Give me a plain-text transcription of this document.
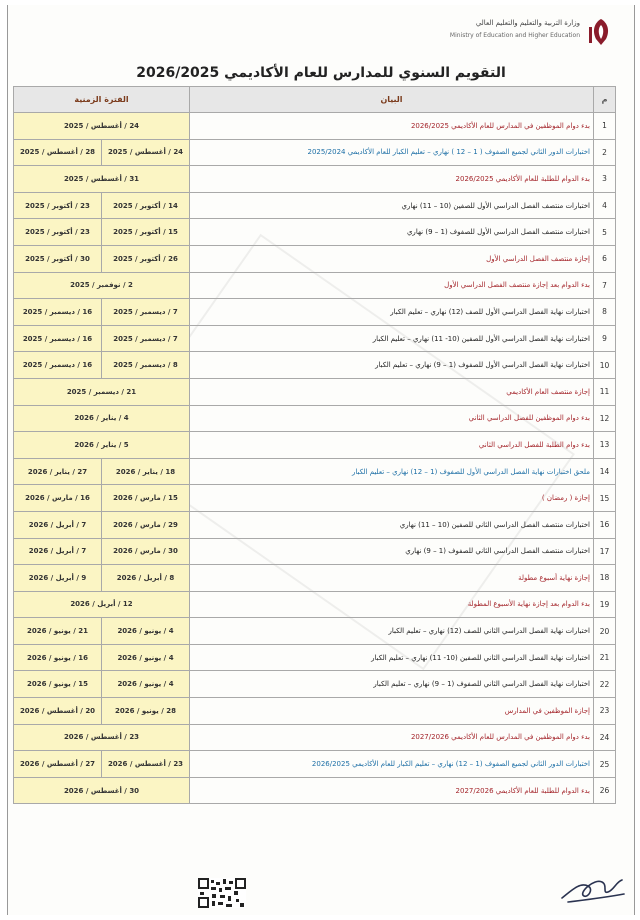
وزارة التربية والتعليم والتعليم العالي
Ministry of Education and Higher Education
التقويم السنوي للمدارس للعام الأكاديمي 2026/2025
م	البيان	الفترة الزمنية	
1	بدء دوام الموظفين في المدارس للعام الأكاديمي 2026/2025	24 / أغسطس / 2025	
2	اختبارات الدور الثاني لجميع الصفوف ( 1 – 12 ) نهاري – تعليم الكبار للعام الأكاديمي 2025/2024	24 / أغسطس / 2025	28 / أغسطس / 2025
3	بدء الدوام للطلبة للعام الأكاديمي 2026/2025	31 / أغسطس / 2025	
4	اختبارات منتصف الفصل الدراسي الأول للصفين (10 – 11) نهاري	14 / أكتوبر / 2025	23 / أكتوبر / 2025
5	اختبارات منتصف الفصل الدراسي الأول للصفوف (1 – 9) نهاري	15 / أكتوبر / 2025	23 / أكتوبر / 2025
6	إجازة منتصف الفصل الدراسي الأول	26 / أكتوبر / 2025	30 / أكتوبر / 2025
7	بدء الدوام بعد إجازة منتصف الفصل الدراسي الأول	2 / نوفمبر / 2025	
8	اختبارات نهاية الفصل الدراسي الأول للصف (12) نهاري – تعليم الكبار	7 / ديسمبر / 2025	16 / ديسمبر / 2025
9	اختبارات نهاية الفصل الدراسي الأول للصفين (10- 11) نهاري – تعليم الكبار	7 / ديسمبر / 2025	16 / ديسمبر / 2025
10	اختبارات نهاية الفصل الدراسي الأول للصفوف (1 – 9) نهاري – تعليم الكبار	8 / ديسمبر / 2025	16 / ديسمبر / 2025
11	إجازة منتصف العام الأكاديمي	21 / ديسمبر / 2025	
12	بدء دوام الموظفين للفصل الدراسي الثاني	4 / يناير / 2026	
13	بدء دوام الطلبة للفصل الدراسي الثاني	5 / يناير / 2026	
14	ملحق اختبارات نهاية الفصل الدراسي الأول للصفوف (1 – 12) نهاري – تعليم الكبار	18 / يناير / 2026	27 / يناير / 2026
15	إجازة ( رمضان )	15 / مارس / 2026	16 / مارس / 2026
16	اختبارات منتصف الفصل الدراسي الثاني للصفين (10 – 11) نهاري	29 / مارس / 2026	7 / أبريل / 2026
17	اختبارات منتصف الفصل الدراسي الثاني للصفوف (1 – 9) نهاري	30 / مارس / 2026	7 / أبريل / 2026
18	إجازة نهاية أسبوع مطولة	8 / أبريل / 2026	9 / أبريل / 2026
19	بدء الدوام بعد إجازة نهاية الأسبوع المطولة	12 / أبريل / 2026	
20	اختبارات نهاية الفصل الدراسي الثاني للصف (12) نهاري – تعليم الكبار	4 / يونيو / 2026	21 / يونيو / 2026
21	اختبارات نهاية الفصل الدراسي الثاني للصفين (10- 11) نهاري – تعليم الكبار	4 / يونيو / 2026	16 / يونيو / 2026
22	اختبارات نهاية الفصل الدراسي الثاني للصفوف (1 – 9) نهاري – تعليم الكبار	4 / يونيو / 2026	15 / يونيو / 2026
23	إجازة الموظفين في المدارس	28 / يونيو / 2026	20 / أغسطس / 2026
24	بدء دوام الموظفين في المدارس للعام الأكاديمي 2027/2026	23 / أغسطس / 2026	
25	اختبارات الدور الثاني لجميع الصفوف (1 – 12) نهاري – تعليم الكبار للعام الأكاديمي 2026/2025	23 / أغسطس / 2026	27 / أغسطس / 2026
26	بدء الدوام للطلبة للعام الأكاديمي 2027/2026	30 / أغسطس / 2026	
